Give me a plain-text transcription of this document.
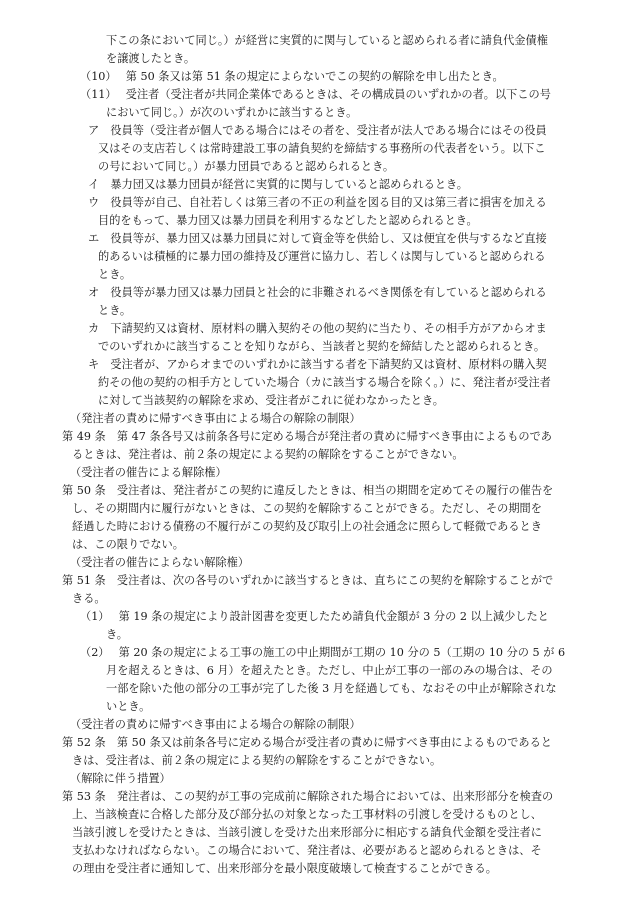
下この条において同じ。）が経営に実質的に関与していると認められる者に請負代金債権
を譲渡したとき。
（10）　 第 50 条又は第 51 条の規定によらないでこの契約の解除を申し出たとき。
（11）　 受注者（受注者が共同企業体であるときは、その構成員のいずれかの者。以下この号
において同じ。）が次のいずれかに該当するとき。
ア　役員等（受注者が個人である場合にはその者を、受注者が法人である場合にはその役員
又はその支店若しくは常時建設工事の請負契約を締結する事務所の代表者をいう。以下こ
の号において同じ。）が暴力団員であると認められるとき。
イ　暴力団又は暴力団員が経営に実質的に関与していると認められるとき。
ウ　役員等が自己、自社若しくは第三者の不正の利益を図る目的又は第三者に損害を加える
目的をもって、暴力団又は暴力団員を利用するなどしたと認められるとき。
エ　役員等が、暴力団又は暴力団員に対して資金等を供給し、又は便宜を供与するなど直接
的あるいは積極的に暴力団の維持及び運営に協力し、若しくは関与していると認められる
とき。
オ　役員等が暴力団又は暴力団員と社会的に非難されるべき関係を有していると認められる
とき。
カ　下請契約又は資材、原材料の購入契約その他の契約に当たり、その相手方がアからオま
でのいずれかに該当することを知りながら、当該者と契約を締結したと認められるとき。
キ　受注者が、アからオまでのいずれかに該当する者を下請契約又は資材、原材料の購入契
約その他の契約の相手方としていた場合（カに該当する場合を除く。）に、発注者が受注者
に対して当該契約の解除を求め、受注者がこれに従わなかったとき。
（発注者の責めに帰すべき事由による場合の解除の制限）
第 49 条　第 47 条各号又は前条各号に定める場合が発注者の責めに帰すべき事由によるものであ
るときは、発注者は、前２条の規定による契約の解除をすることができない。
（受注者の催告による解除権）
第 50 条　受注者は、発注者がこの契約に違反したときは、相当の期間を定めてその履行の催告を
し、その期間内に履行がないときは、この契約を解除することができる。ただし、その期間を
経過した時における債務の不履行がこの契約及び取引上の社会通念に照らして軽微であるとき
は、この限りでない。
（受注者の催告によらない解除権）
第 51 条　受注者は、次の各号のいずれかに該当するときは、直ちにこの契約を解除することがで
きる。
（1）　 第 19 条の規定により設計図書を変更したため請負代金額が 3 分の 2 以上減少したと
き。
（2）　 第 20 条の規定による工事の施工の中止期間が工期の 10 分の 5（工期の 10 分の 5 が 6
月を超えるときは、6 月）を超えたとき。ただし、中止が工事の一部のみの場合は、その
一部を除いた他の部分の工事が完了した後 3 月を経過しても、なおその中止が解除されな
いとき。
（受注者の責めに帰すべき事由による場合の解除の制限）
第 52 条　第 50 条又は前条各号に定める場合が受注者の責めに帰すべき事由によるものであると
きは、受注者は、前２条の規定による契約の解除をすることができない。
（解除に伴う措置）
第 53 条　発注者は、この契約が工事の完成前に解除された場合においては、出来形部分を検査の
上、当該検査に合格した部分及び部分払の対象となった工事材料の引渡しを受けるものとし、
当該引渡しを受けたときは、当該引渡しを受けた出来形部分に相応する請負代金額を受注者に
支払わなければならない。この場合において、発注者は、必要があると認められるときは、そ
の理由を受注者に通知して、出来形部分を最小限度破壊して検査することができる。
